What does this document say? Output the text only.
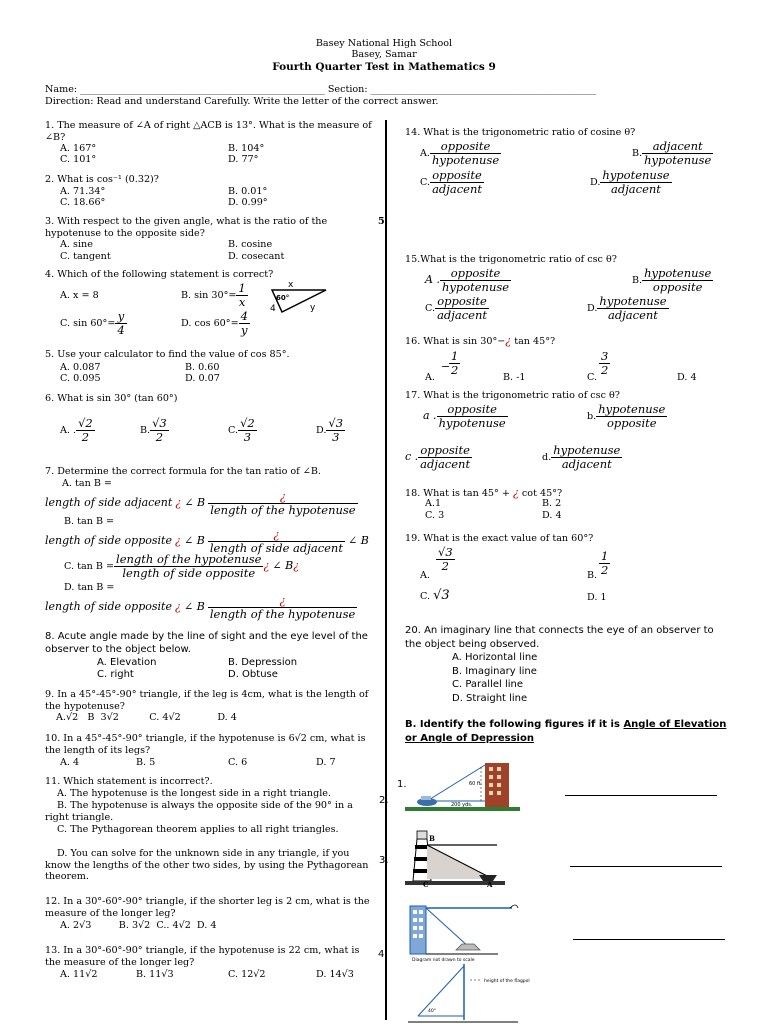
Basey National High School
Basey, Samar
Fourth Quarter Test in Mathematics 9
Name: ___________________________________________________ Section: _______________________________________________
Direction: Read and understand Carefully. Write the letter of the correct answer.
1. The measure of ∠A of right △ACB is 13°. What is the measure of ∠B?
A. 167°	B. 104°
C. 101°	D. 77°
2. What is cos⁻¹ (0.32)?
A. 71.34°	B. 0.01°
C. 18.66°	D. 0.99°
3. With respect to the given angle, what is the ratio of the hypotenuse to the opposite side?
A. sine	B. cosine
C. tangent	D. cosecant
4. Which of the following statement is correct?
A. x = 8	B. $\sin 30^\circ= \frac{1}{x}$	x
60°
4	y
C. $\sin 60^\circ= \frac{y}{4}$	D. $\cos 60^\circ= \frac{4}{y}$
5. Use your calculator to find the value of cos 85°.
A. 0.087	B. 0.60
C. 0.095	D. 0.07
6. What is sin 30° (tan 60°)
A. . $\frac{√2}{2}$	B. $\frac{√3}{2}$	C. $\frac{√2}{3}$	D. $\frac{√3}{3}$
7. Determine the correct formula for the tan ratio of ∠B.
A. tan B =
length of side adjacent ¿ ∠ B $\frac{¿}{\text{length of the hypotenuse}}$
B. tan B =
length of side opposite ¿ ∠ B $\frac{¿}{\text{length of side adjacent}}$ ∠ B
C. $\tan B = \frac{\text{length of the hypotenuse}}{\text{length of side opposite}}$ ¿ ∠ B¿
D. tan B =
length of side opposite ¿ ∠ B $\frac{¿}{\text{length of the hypotenuse}}$
8. Acute angle made by the line of sight and the eye level of the observer to the object below.
A. Elevation	B. Depression
C. right	D. Obtuse
9. In a 45°-45°-90° triangle, if the leg is 4cm, what is the length of the hypotenuse?
A.√2   B  3√2          C. 4√2            D. 4
10. In a 45°-45°-90° triangle, if the hypotenuse is 6√2 cm, what is the length of its legs?
A. 4	B. 5	C. 6	D. 7
11. Which statement is incorrect?.
A. The hypotenuse is the longest side in a right triangle.
B. The hypotenuse is always the opposite side of the 90° in a right triangle.
C. The Pythagorean theorem applies to all right triangles.
D. You can solve for the unknown side in any triangle, if you know the lengths of the other two sides, by using the Pythagorean theorem.
12. In a 30°-60°-90° triangle, if the shorter leg is 2 cm, what is the measure of the longer leg?
A. 2√3         B. 3√2  C.. 4√2  D. 4
13. In a 30°-60°-90° triangle, if the hypotenuse is 22 cm, what is the measure of the longer leg?
A. 11√2	B. 11√3	C. 12√2	D. 14√3
14. What is the trigonometric ratio of cosine θ?
A. $\frac{\text{opposite}}{\text{hypotenuse}}$	B. $\frac{\text{adjacent}}{\text{hypotenuse}}$
C. $\frac{\text{opposite}}{\text{adjacent}}$	D. $\frac{\text{hypotenuse}}{\text{adjacent}}$
5.
15.What is the trigonometric ratio of csc θ?
A . $\frac{\text{opposite}}{\text{hypotenuse}}$	B. $\frac{\text{hypotenuse}}{\text{opposite}}$
C. $\frac{\text{opposite}}{\text{adjacent}}$	D. $\frac{\text{hypotenuse}}{\text{adjacent}}$
16. What is sin 30°−¿ tan 45°?
A.
−
$\frac{1}{2}$
B. -1	C.
$\frac{3}{2}$
D. 4
17. What is the trigonometric ratio of csc θ?
a . $\frac{\text{opposite}}{\text{hypotenuse}}$	b. $\frac{\text{hypotenuse}}{\text{opposite}}$
c . $\frac{\text{opposite}}{\text{adjacent}}$	d. $\frac{\text{hypotenuse}}{\text{adjacent}}$
18. What is tan 45° + ¿ cot 45°?
A.1	B. 2
C. 3	D. 4
19. What is the exact value of tan 60°?
A.
$\frac{√3}{2}$
B. $\frac{1}{2}$
C. √3	D. 1
20. An imaginary line that connects the eye of an observer to the object being observed.
A. Horizontal line
B. Imaginary line
C. Parallel line
D. Straight line
B. Identify the following figures if it is Angle of Elevation or Angle of Depression
1.	60 ft.
200 yds.
2.
B
C	A
3.
Diagram not drawn to scale
4.
height of the flagpol
40°
